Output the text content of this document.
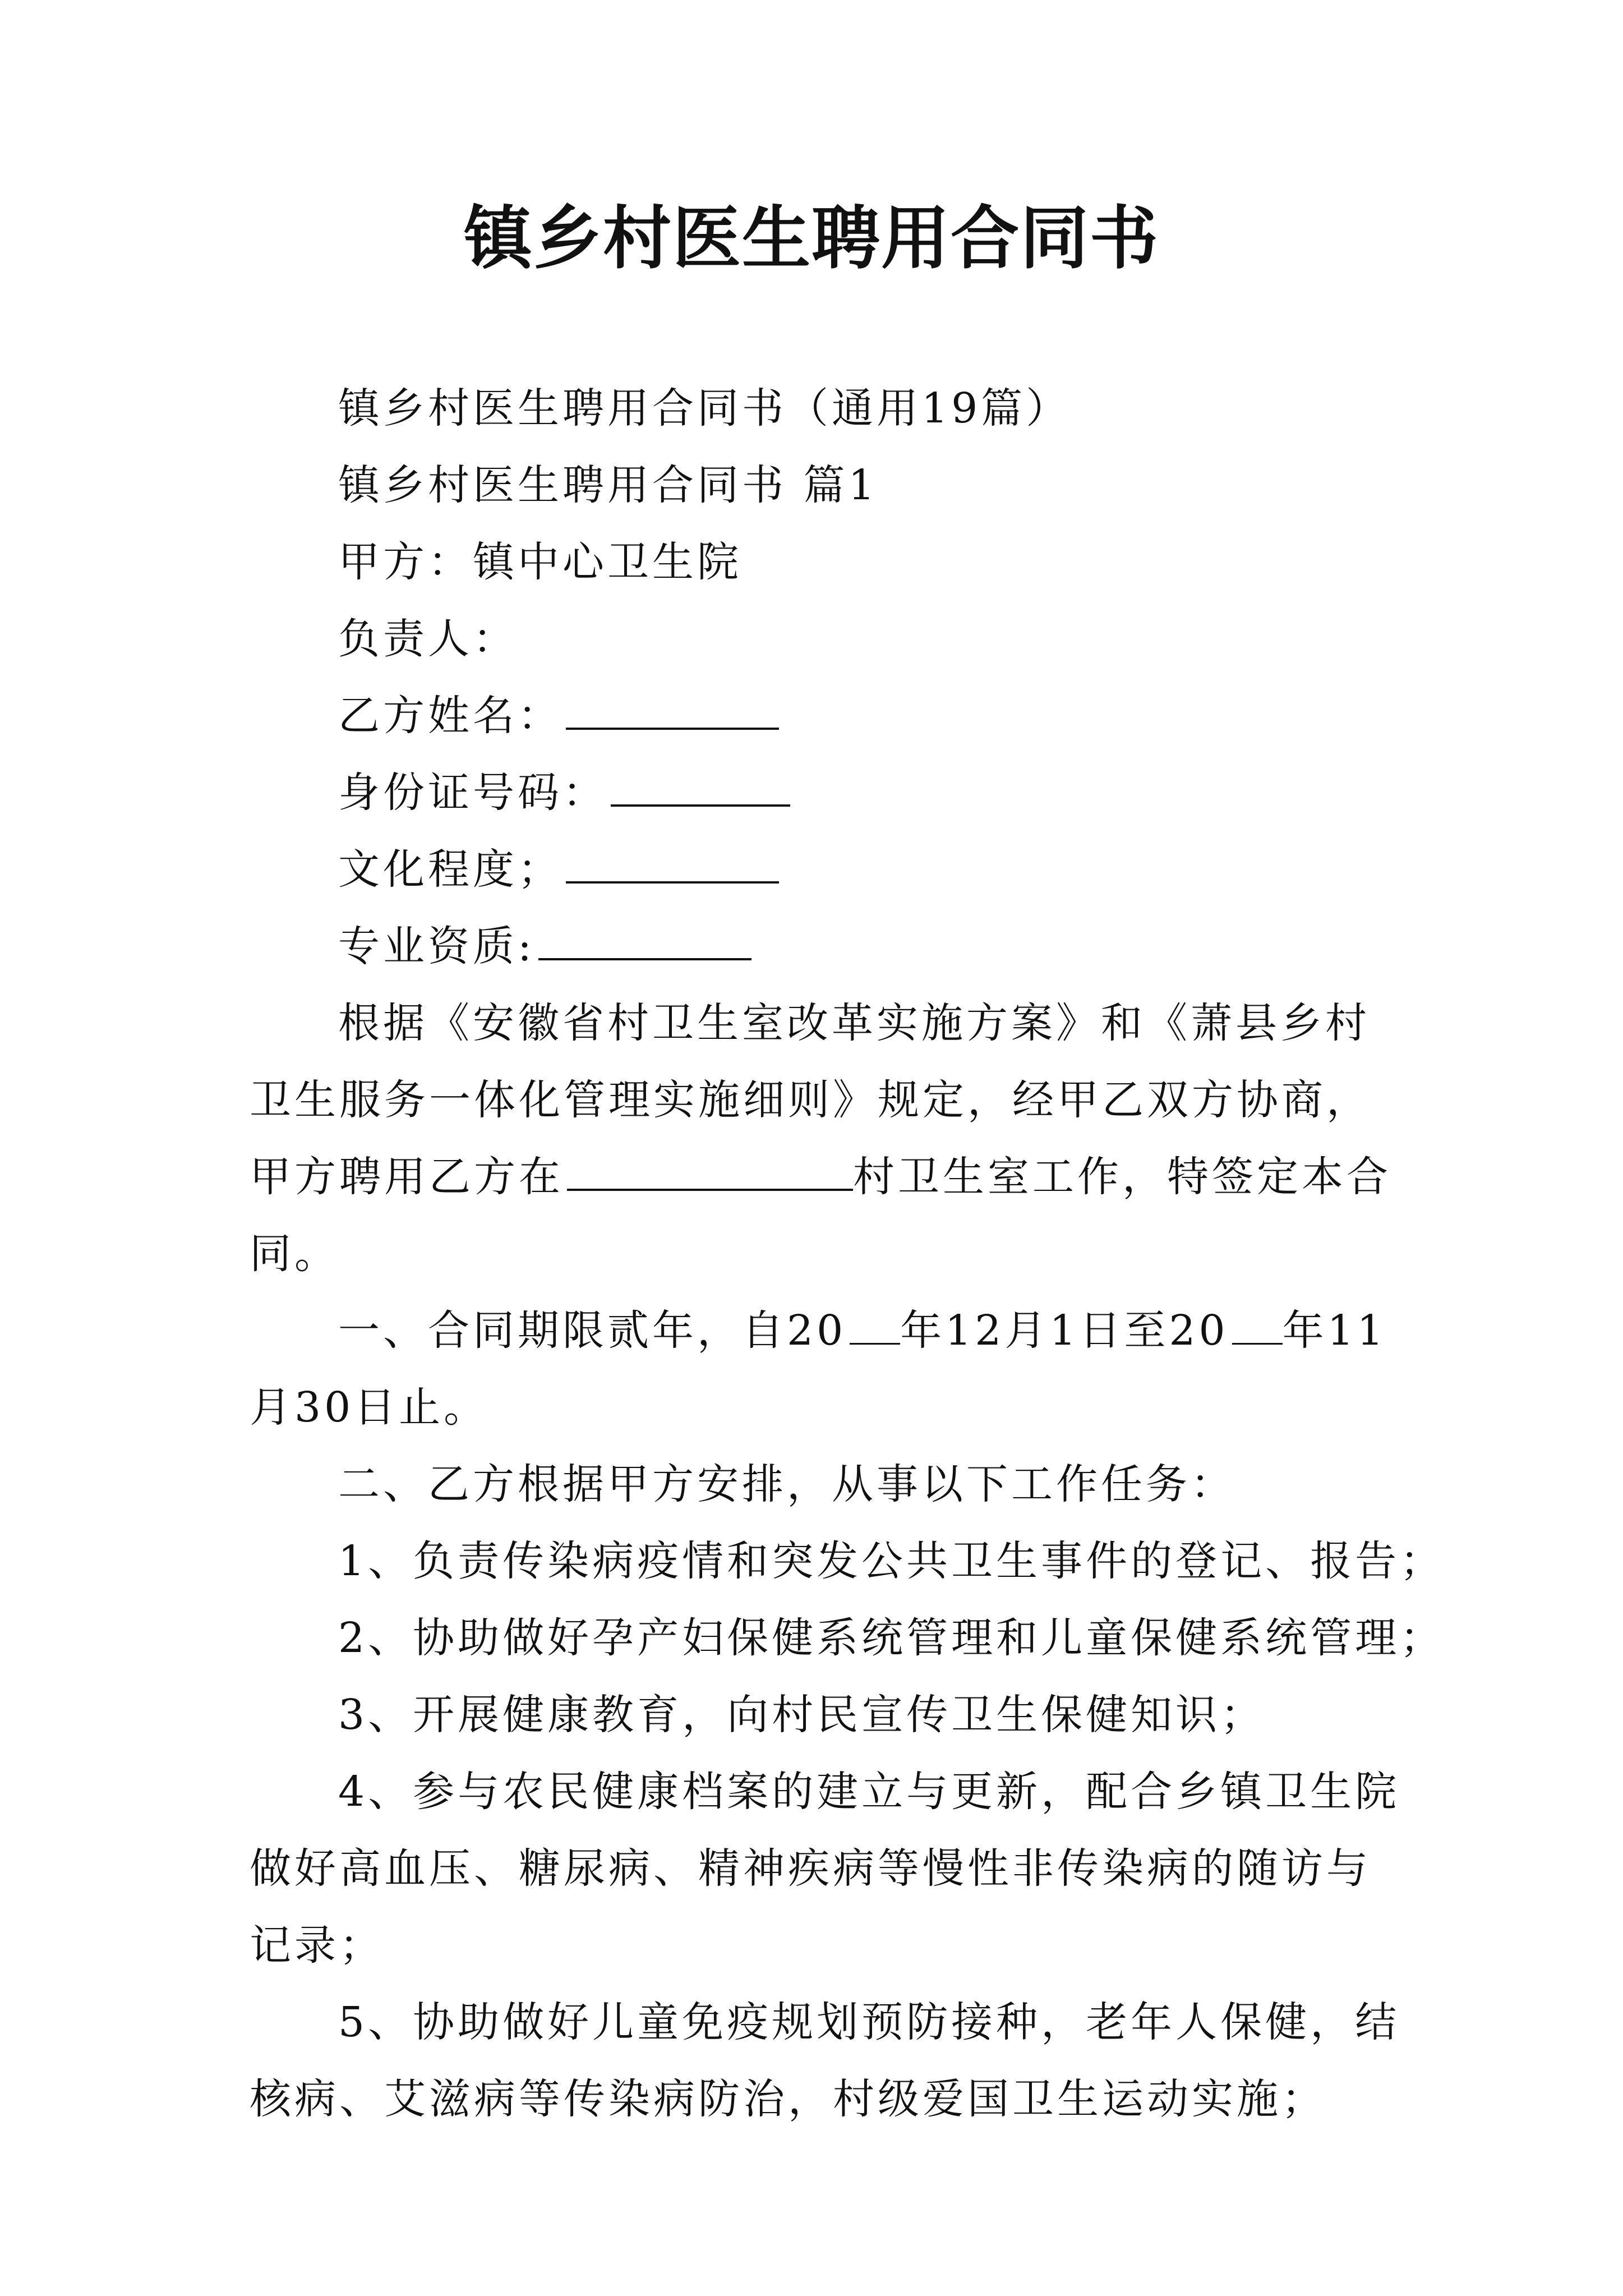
镇乡村医生聘用合同书

镇乡村医生聘用合同书（通用19篇）

镇乡村医生聘用合同书 篇1

甲方：镇中心卫生院

负责人：

乙方姓名：

身份证号码：

文化程度；

专业资质:

根据《安徽省村卫生室改革实施方案》和《萧县乡村卫生服务一体化管理实施细则》规定，经甲乙双方协商，甲方聘用乙方在	村卫生室工作，特签定本合同。

一、合同期限贰年，自20 年12月1日至20 年11月30日止。

二、乙方根据甲方安排，从事以下工作任务：

1、负责传染病疫情和突发公共卫生事件的登记、报告；

2、协助做好孕产妇保健系统管理和儿童保健系统管理；

3、开展健康教育，向村民宣传卫生保健知识；

4、参与农民健康档案的建立与更新，配合乡镇卫生院做好高血压、糖尿病、精神疾病等慢性非传染病的随访与记录；

5、协助做好儿童免疫规划预防接种，老年人保健，结核病、艾滋病等传染病防治，村级爱国卫生运动实施；
